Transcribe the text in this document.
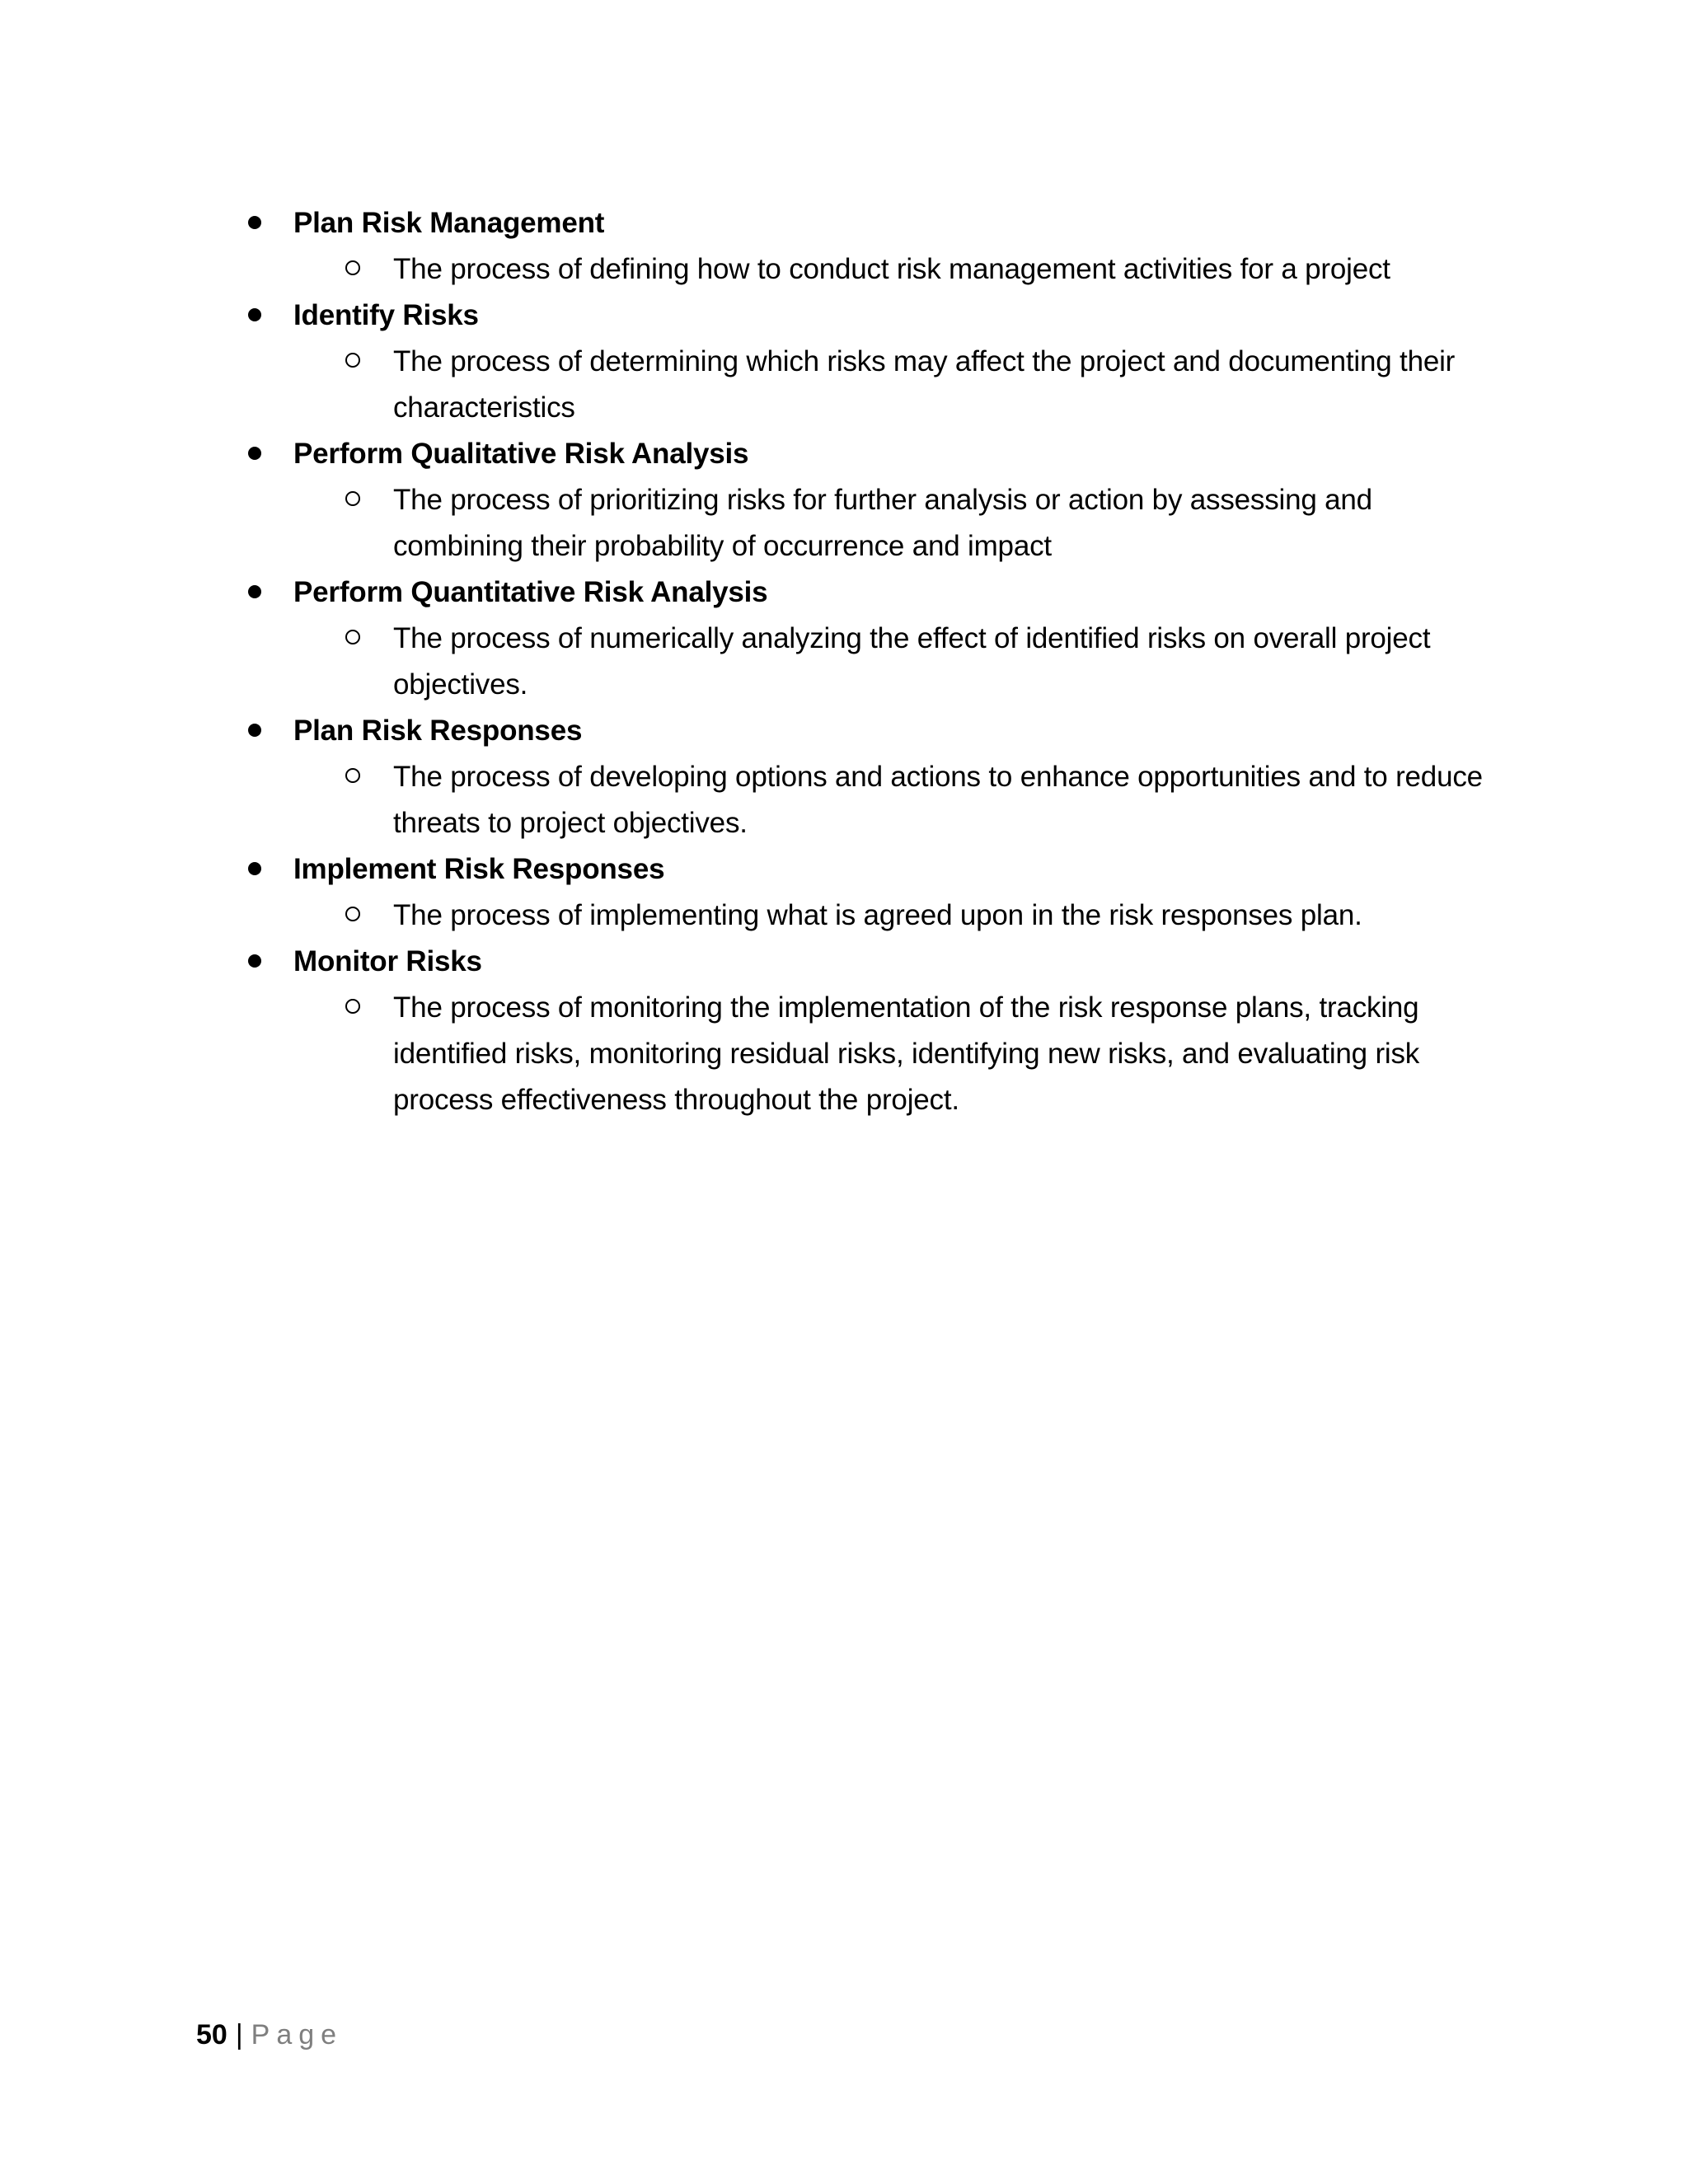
Plan Risk Management
The process of defining how to conduct risk management activities for a project
Identify Risks
The process of determining which risks may affect the project and documenting their characteristics
Perform Qualitative Risk Analysis
The process of prioritizing risks for further analysis or action by assessing and combining their probability of occurrence and impact
Perform Quantitative Risk Analysis
The process of numerically analyzing the effect of identified risks on overall project objectives.
Plan Risk Responses
The process of developing options and actions to enhance opportunities and to reduce threats to project objectives.
Implement Risk Responses
The process of implementing what is agreed upon in the risk responses plan.
Monitor Risks
The process of monitoring the implementation of the risk response plans, tracking identified risks, monitoring residual risks, identifying new risks, and evaluating risk process effectiveness throughout the project.
50 | Page
